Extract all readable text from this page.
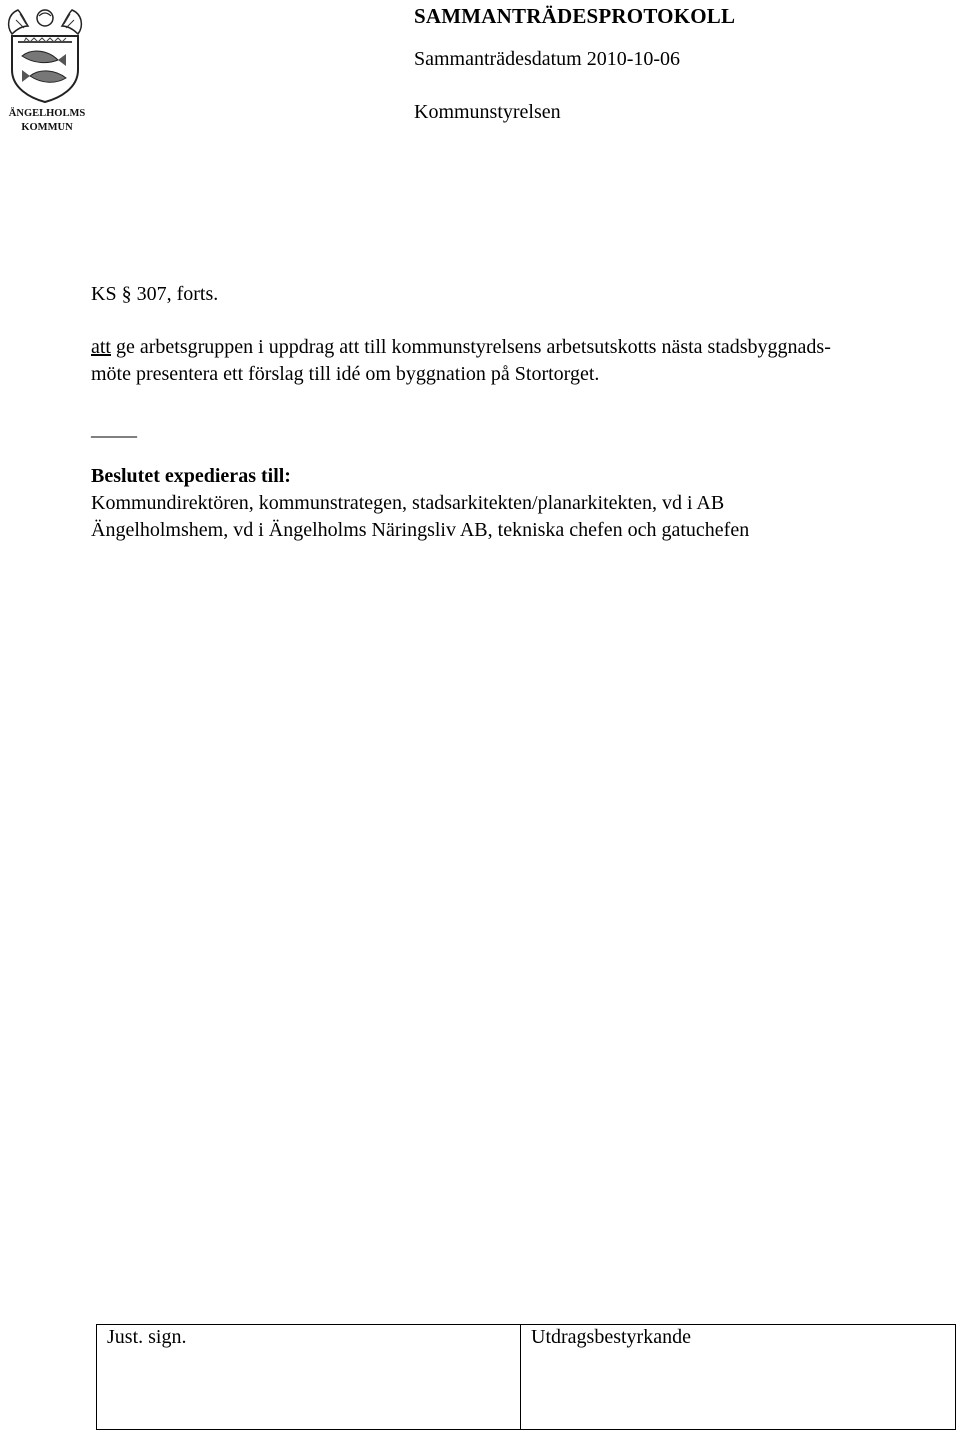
ÄNGELHOLMS
KOMMUN
SAMMANTRÄDESPROTOKOLL
Sammanträdesdatum 2010-10-06
Kommunstyrelsen
KS § 307, forts.
att ge arbetsgruppen i uppdrag att till kommunstyrelsens arbetsutskotts nästa stadsbyggnads-
möte presentera ett förslag till idé om byggnation på Stortorget.
_____
Beslutet expedieras till:
Kommundirektören, kommunstrategen, stadsarkitekten/planarkitekten, vd i AB
Ängelholmshem, vd i Ängelholms Näringsliv AB, tekniska chefen och gatuchefen
Just. sign.	Utdragsbestyrkande
